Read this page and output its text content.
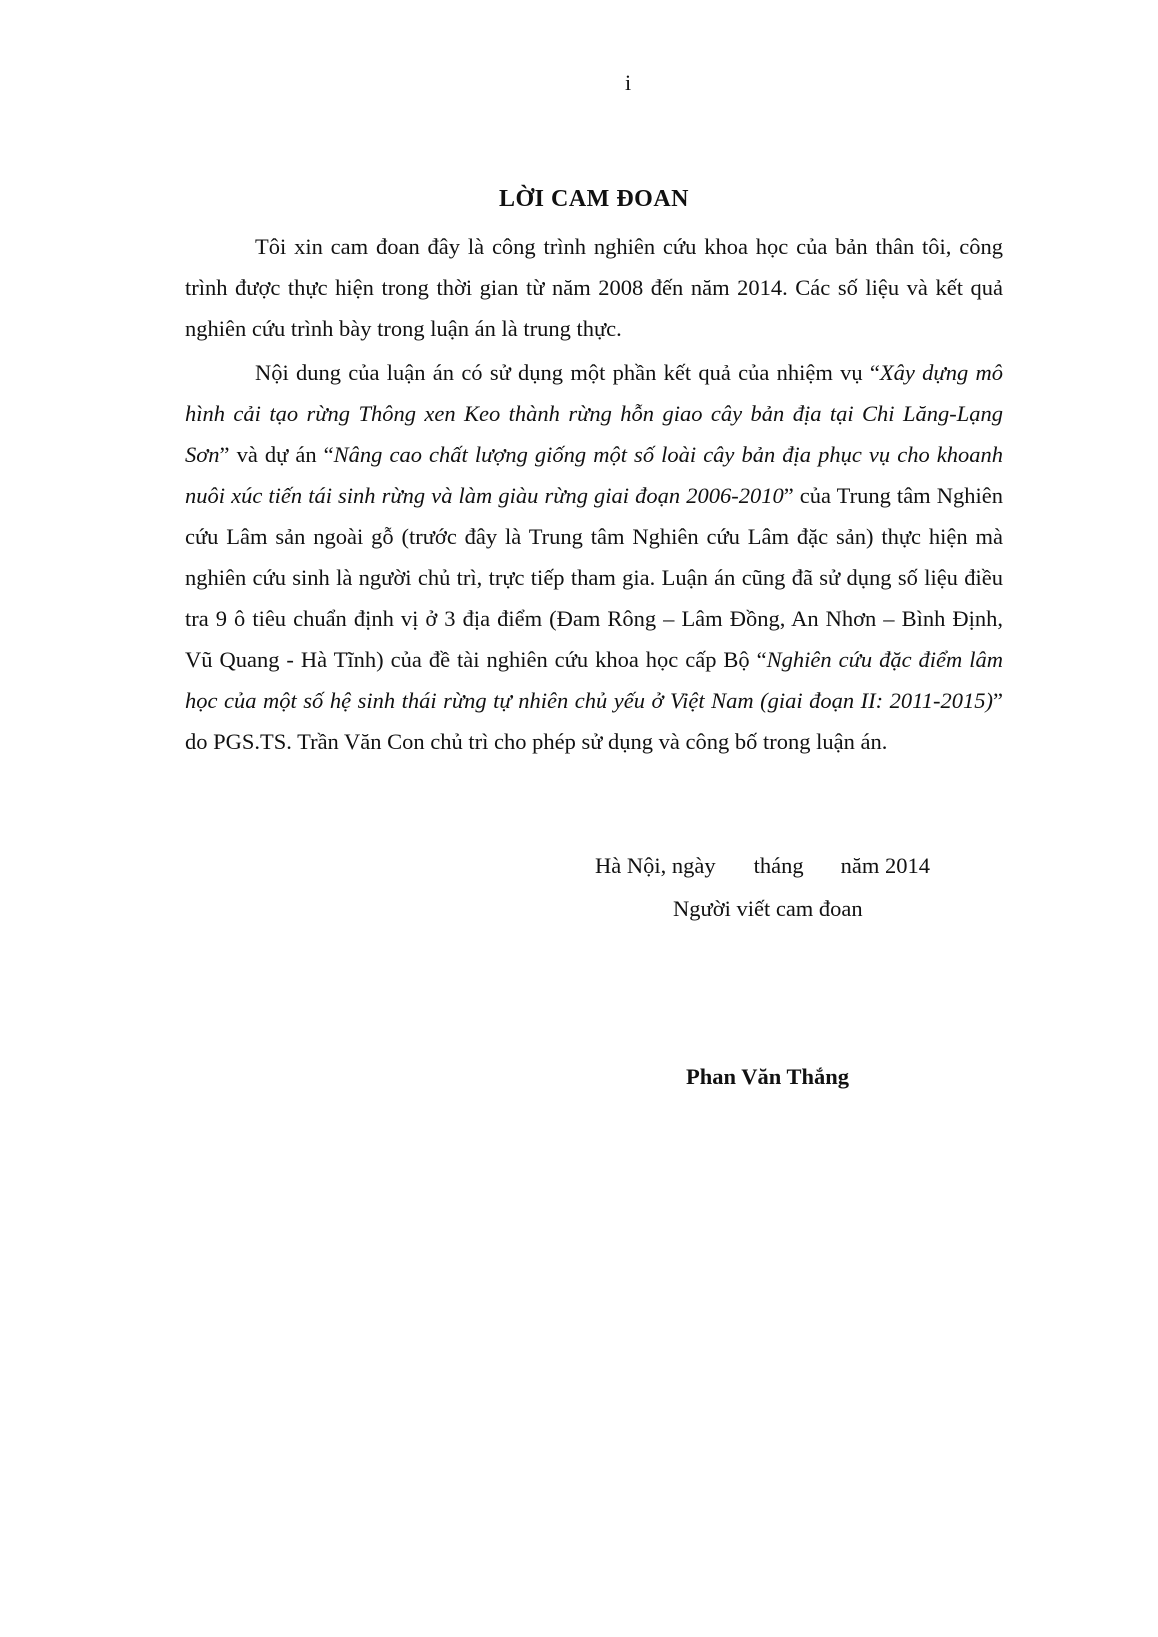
i
LỜI CAM ĐOAN

Tôi xin cam đoan đây là công trình nghiên cứu khoa học của bản thân tôi, công trình được thực hiện trong thời gian từ năm 2008 đến năm 2014. Các số liệu và kết quả nghiên cứu trình bày trong luận án là trung thực.

Nội dung của luận án có sử dụng một phần kết quả của nhiệm vụ “Xây dựng mô hình cải tạo rừng Thông xen Keo thành rừng hỗn giao cây bản địa tại Chi Lăng-Lạng Sơn” và dự án “Nâng cao chất lượng giống một số loài cây bản địa phục vụ cho khoanh nuôi xúc tiến tái sinh rừng và làm giàu rừng giai đoạn 2006-2010” của Trung tâm Nghiên cứu Lâm sản ngoài gỗ (trước đây là Trung tâm Nghiên cứu Lâm đặc sản) thực hiện mà nghiên cứu sinh là người chủ trì, trực tiếp tham gia. Luận án cũng đã sử dụng số liệu điều tra 9 ô tiêu chuẩn định vị ở 3 địa điểm (Đam Rông – Lâm Đồng, An Nhơn – Bình Định, Vũ Quang - Hà Tĩnh) của đề tài nghiên cứu khoa học cấp Bộ “Nghiên cứu đặc điểm lâm học của một số hệ sinh thái rừng tự nhiên chủ yếu ở Việt Nam (giai đoạn II: 2011-2015)” do PGS.TS. Trần Văn Con chủ trì cho phép sử dụng và công bố trong luận án.

Hà Nội, ngày tháng năm 2014
Người viết cam đoan
Phan Văn Thắng
